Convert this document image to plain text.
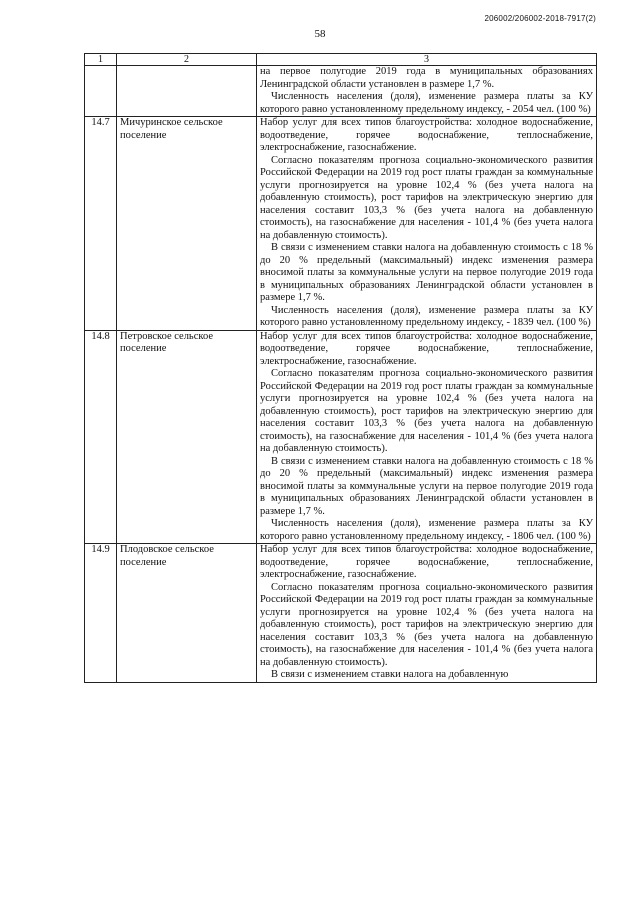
206002/206002-2018-7917(2)
58
1	2	3

		на первое полугодие 2019 года в муниципальных образованиях Ленинградской области установлен в размере 1,7 %.

Численность населения (доля), изменение размера платы за КУ которого равно установленному предельному индексу, - 2054 чел. (100 %)

14.7	Мичуринское сельское поселение	Набор услуг для всех типов благоустройства: холодное водоснабжение, водоотведение, горячее водоснабжение, теплоснабжение, электроснабжение, газоснабжение.

Согласно показателям прогноза социально-экономического развития Российской Федерации на 2019 год рост платы граждан за коммунальные услуги прогнозируется на уровне 102,4 % (без учета налога на добавленную стоимость), рост тарифов на электрическую энергию для населения составит 103,3 % (без учета налога на добавленную стоимость), на газоснабжение для населения - 101,4 % (без учета налога на добавленную стоимость).

В связи с изменением ставки налога на добавленную стоимость с 18 % до 20 % предельный (максимальный) индекс изменения размера вносимой платы за коммунальные услуги на первое полугодие 2019 года в муниципальных образованиях Ленинградской области установлен в размере 1,7 %.

Численность населения (доля), изменение размера платы за КУ которого равно установленному предельному индексу, - 1839 чел. (100 %)

14.8	Петровское сельское поселение	Набор услуг для всех типов благоустройства: холодное водоснабжение, водоотведение, горячее водоснабжение, теплоснабжение, электроснабжение, газоснабжение.

Согласно показателям прогноза социально-экономического развития Российской Федерации на 2019 год рост платы граждан за коммунальные услуги прогнозируется на уровне 102,4 % (без учета налога на добавленную стоимость), рост тарифов на электрическую энергию для населения составит 103,3 % (без учета налога на добавленную стоимость), на газоснабжение для населения - 101,4 % (без учета налога на добавленную стоимость).

В связи с изменением ставки налога на добавленную стоимость с 18 % до 20 % предельный (максимальный) индекс изменения размера вносимой платы за коммунальные услуги на первое полугодие 2019 года в муниципальных образованиях Ленинградской области установлен в размере 1,7 %.

Численность населения (доля), изменение размера платы за КУ которого равно установленному предельному индексу, - 1806 чел. (100 %)

14.9	Плодовское сельское поселение	Набор услуг для всех типов благоустройства: холодное водоснабжение, водоотведение, горячее водоснабжение, теплоснабжение, электроснабжение, газоснабжение.

Согласно показателям прогноза социально-экономического развития Российской Федерации на 2019 год рост платы граждан за коммунальные услуги прогнозируется на уровне 102,4 % (без учета налога на добавленную стоимость), рост тарифов на электрическую энергию для населения составит 103,3 % (без учета налога на добавленную стоимость), на газоснабжение для населения - 101,4 % (без учета налога на добавленную стоимость).

В связи с изменением ставки налога на добавленную
